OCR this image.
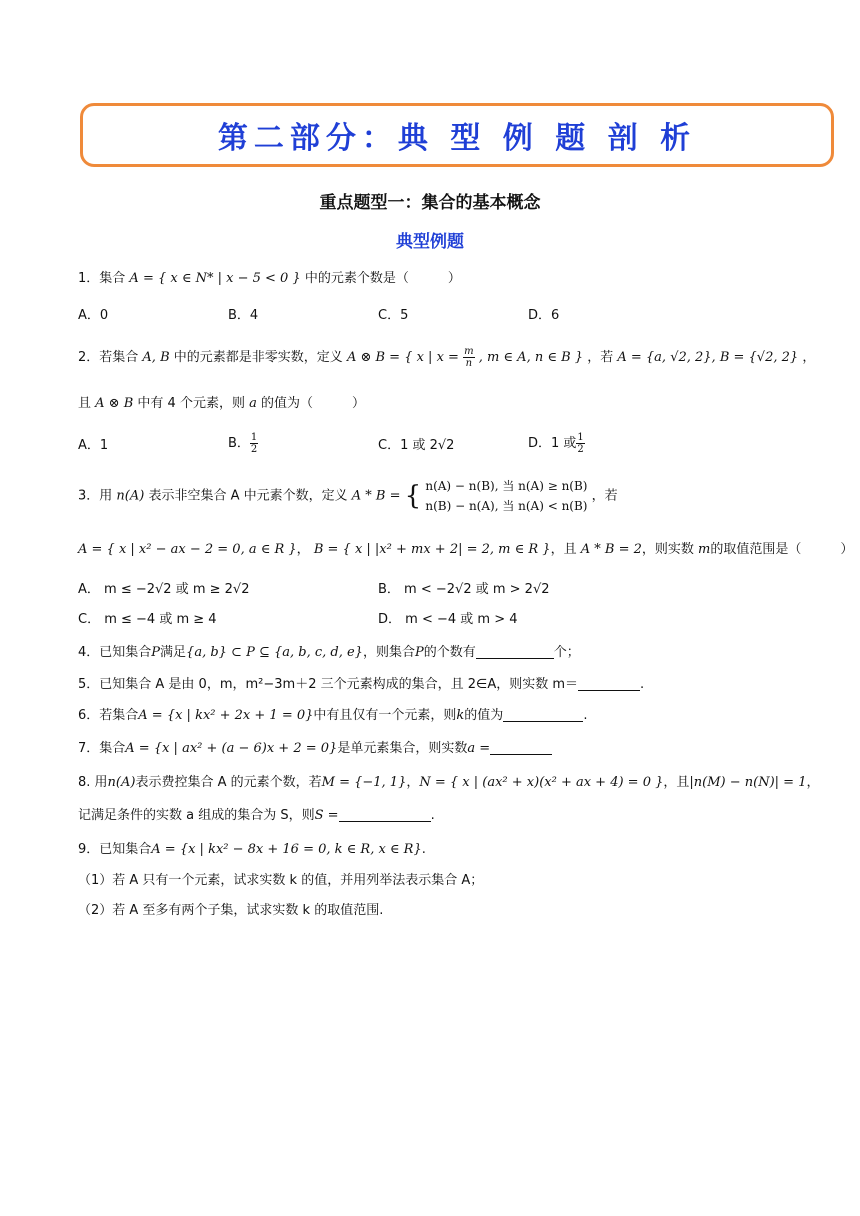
第二部分：典 型 例 题 剖 析
重点题型一：集合的基本概念
典型例题
1．集合 A = { x ∈ N* | x − 5 < 0 } 中的元素个数是（　　　）
A．0	B．4	C．5	D．6
2．若集合 A, B 中的元素都是非零实数，定义 A ⊗ B = { x | $x = \frac{m}{n}$ , m ∈ A, n ∈ B } ，若 A = {a, √2, 2}, B = {√2, 2} ，
且 A ⊗ B 中有 4 个元素，则 a 的值为（　　　）
A．1	B． $\frac{1}{2}$	C．1 或 2√2	D．1 或 $\frac{1}{2}$
3．用 n(A) 表示非空集合 A 中元素个数，定义 A * B = { n(A) − n(B), 当 n(A) ≥ n(B)
n(B) − n(A), 当 n(A) < n(B)
，若
A = { x | x² − ax − 2 = 0, a ∈ R }， B = { x | |x² + mx + 2| = 2, m ∈ R }，且 A * B = 2，则实数 m的取值范围是（　　　）
A． m ≤ −2√2 或 m ≥ 2√2	B． m < −2√2 或 m > 2√2
C． m ≤ −4 或 m ≥ 4	D． m < −4 或 m > 4
4．已知集合P满足{a, b} ⊂ P ⊆ {a, b, c, d, e}，则集合P的个数有	个；
5．已知集合 A 是由 0，m，m²−3m＋2 三个元素构成的集合，且 2∈A，则实数 m＝	.
6．若集合A = {x | kx² + 2x + 1 = 0}中有且仅有一个元素，则k的值为	.
7．集合A = {x | ax² + (a − 6)x + 2 = 0}是单元素集合，则实数a =
8. 用n(A)表示费控集合 A 的元素个数，若M = {−1, 1}，N = { x | (ax² + x)(x² + ax + 4) = 0 }，且|n(M) − n(N)| = 1，
记满足条件的实数 a 组成的集合为 S，则S =	.
9．已知集合A = {x | kx² − 8x + 16 = 0, k ∈ R, x ∈ R}.
（1）若 A 只有一个元素，试求实数 k 的值，并用列举法表示集合 A；
（2）若 A 至多有两个子集，试求实数 k 的取值范围.
